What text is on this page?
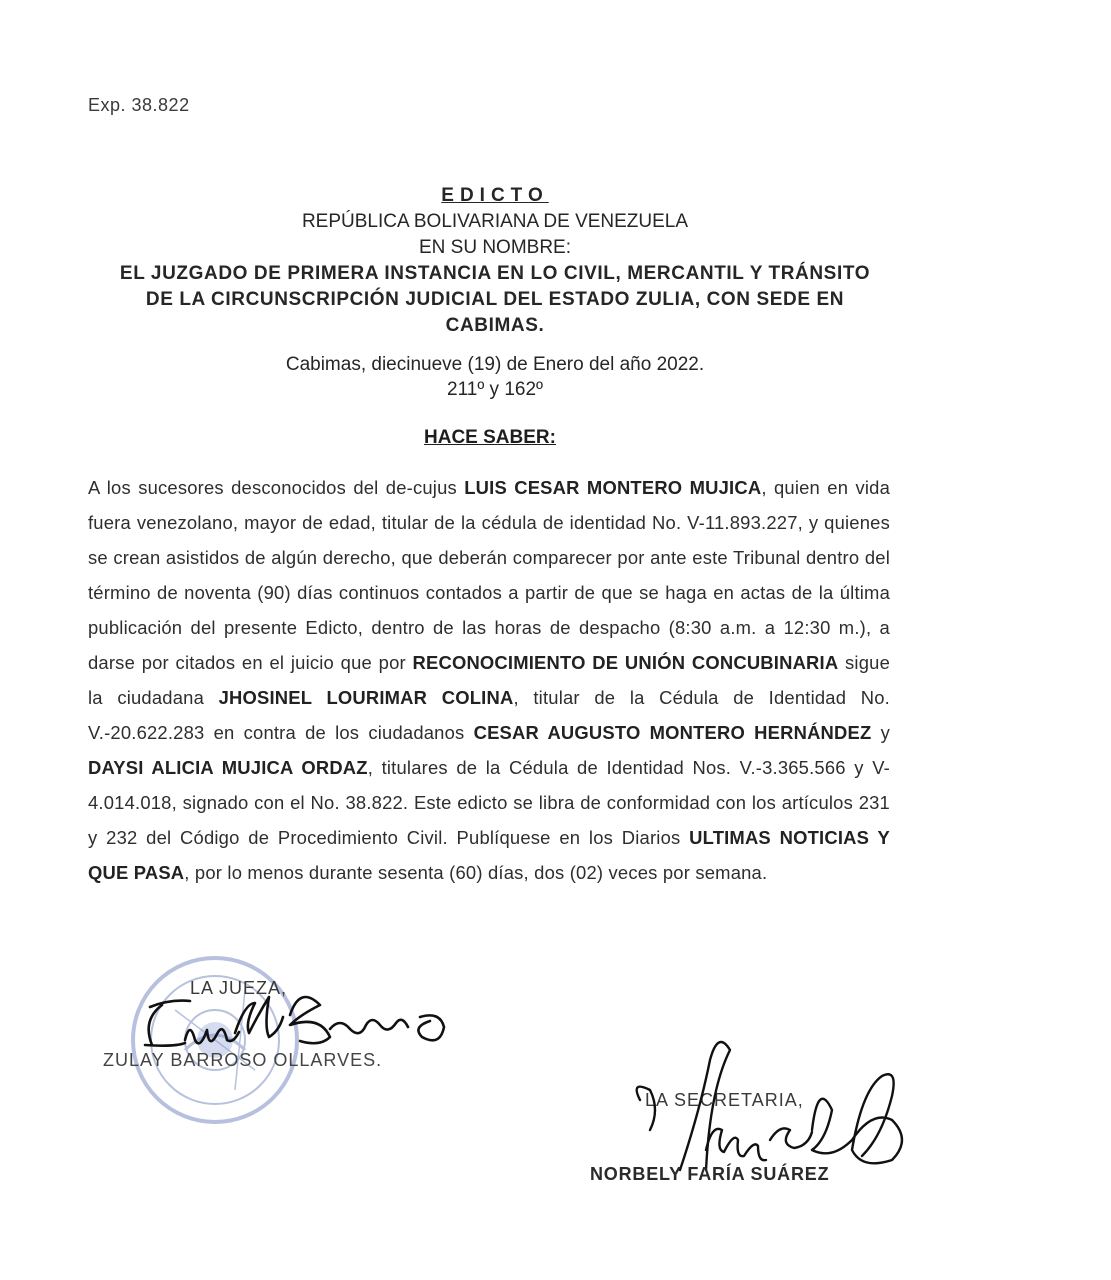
Exp. 38.822
EDICTO
REPÚBLICA BOLIVARIANA DE VENEZUELA
EN SU NOMBRE:
EL JUZGADO DE PRIMERA INSTANCIA EN LO CIVIL, MERCANTIL Y TRÁNSITO
DE LA CIRCUNSCRIPCIÓN JUDICIAL DEL ESTADO ZULIA, CON SEDE EN
CABIMAS.
Cabimas, diecinueve (19) de Enero del año 2022.
211º y 162º
HACE SABER:
A los sucesores desconocidos del de-cujus LUIS CESAR MONTERO MUJICA, quien en vida fuera venezolano, mayor de edad, titular de la cédula de identidad No. V-11.893.227, y quienes se crean asistidos de algún derecho, que deberán comparecer por ante este Tribunal dentro del término de noventa (90) días continuos contados a partir de que se haga en actas de la última publicación del presente Edicto, dentro de las horas de despacho (8:30 a.m. a 12:30 m.), a darse por citados en el juicio que por RECONOCIMIENTO DE UNIÓN CONCUBINARIA sigue la ciudadana JHOSINEL LOURIMAR COLINA, titular de la Cédula de Identidad No. V.-20.622.283 en contra de los ciudadanos CESAR AUGUSTO MONTERO HERNÁNDEZ y DAYSI ALICIA MUJICA ORDAZ, titulares de la Cédula de Identidad Nos. V.-3.365.566 y V-4.014.018, signado con el No. 38.822. Este edicto se libra de conformidad con los artículos 231 y 232 del Código de Procedimiento Civil. Publíquese en los Diarios ULTIMAS NOTICIAS Y QUE PASA, por lo menos durante sesenta (60) días, dos (02) veces por semana.
LA JUEZA,
ZULAY BARROSO OLLARVES.
LA SECRETARIA,
NORBELY FARÍA SUÁREZ
